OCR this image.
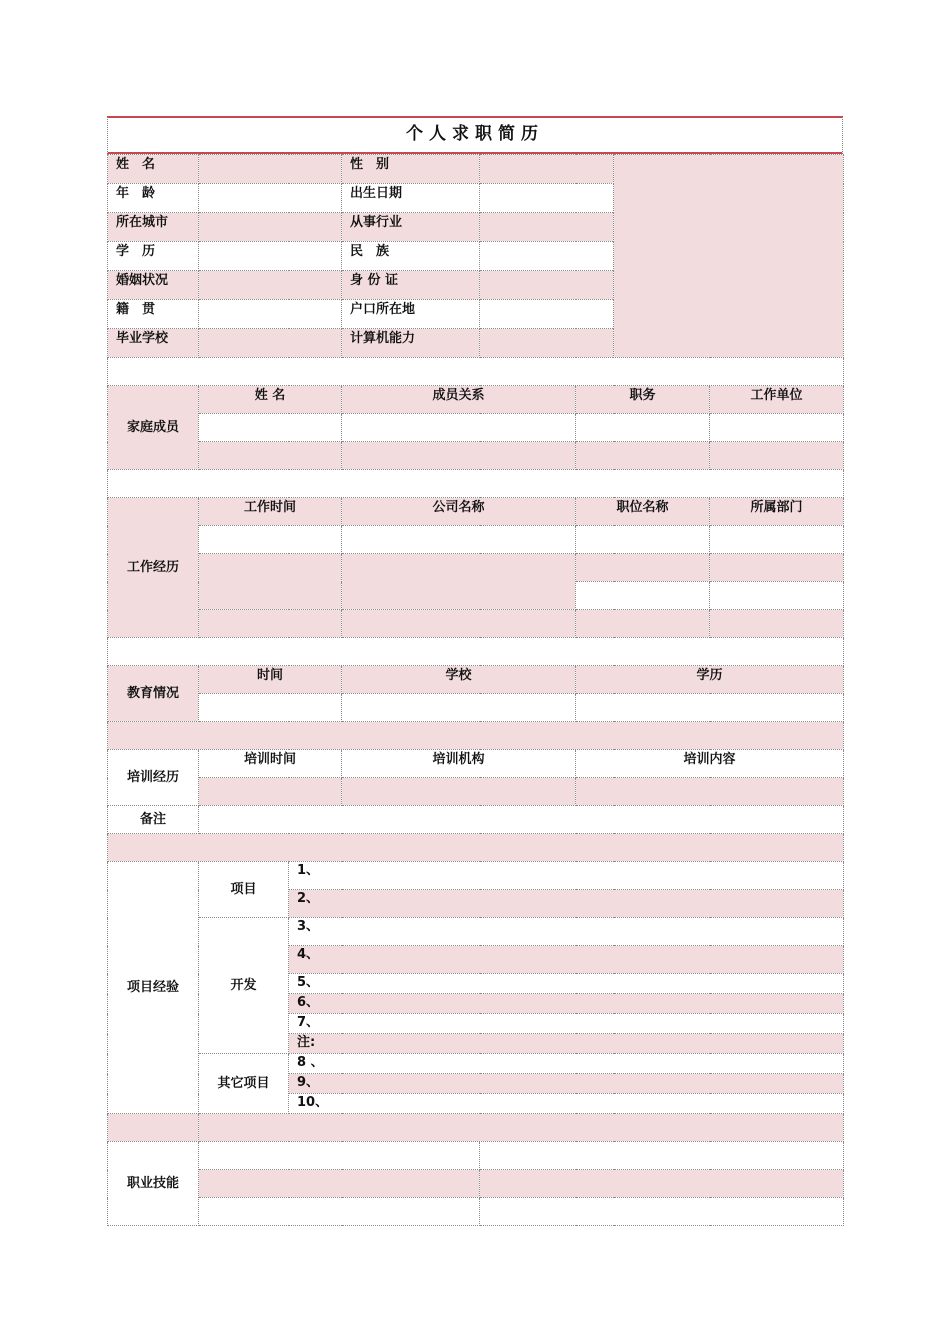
个人求职简历
姓　名			性　别				
年　龄			出生日期				
所在城市			从事行业				
学　历			民　族				
婚姻状况			身 份 证				
籍　贯			户口所在地				
毕业学校			计算机能力				

家庭成员	姓 名		成员关系		职务		工作单位

工作经历	工作时间		公司名称		职位名称		所属部门

教育情况	时间		学校		学历		

培训经历	培训时间		培训机构		培训内容		

备注							

项目经验	项目	1、					
		2、					
	开发	3、					
		4、					
		5、					
		6、					
		7、					
		注:					
	其它项目	8 、					
		9、					
		10、					

职业技能							
